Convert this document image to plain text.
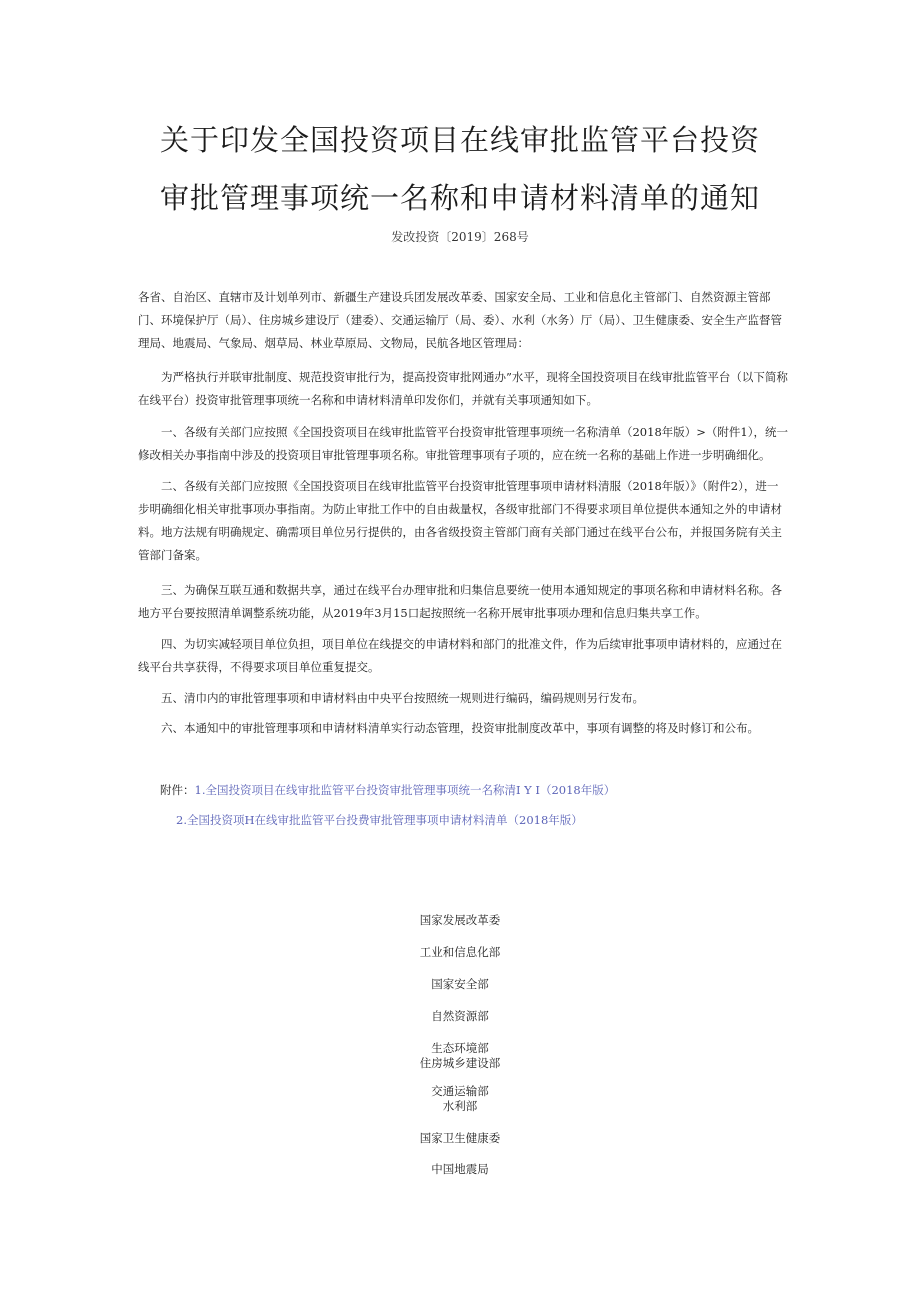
关于印发全国投资项目在线审批监管平台投资
审批管理事项统一名称和申请材料清单的通知
发改投资〔2019〕268号

各省、自治区、直辖市及计划单列市、新疆生产建设兵团发展改革委、国家安全局、工业和信息化主管部门、自然资源主管部门、环境保护厅（局）、住房城乡建设厅（建委）、交通运输厅（局、委）、水利（水务）厅（局）、卫生健康委、安全生产监督管理局、地震局、气象局、烟草局、林业草原局、文物局，民航各地区管理局：

为严格执行并联审批制度、规范投资审批行为，提高投资审批网通办”水平，现将全国投资项目在线审批监管平台（以下简称在线平台）投资审批管理事项统一名称和申请材料清单印发你们，并就有关事项通知如下。

一、各级有关部门应按照《全国投资项目在线审批监管平台投资审批管理事项统一名称清单（2018年版）>（附件1），统一修改相关办事指南中涉及的投资项目审批管理事项名称。审批管理事项有子项的，应在统一名称的基础上作进一步明确细化。

二、各级有关部门应按照《全国投资项目在线审批监管平台投资审批管理事项申请材料清服（2018年版）》（附件2），进一步明确细化相关审批事项办事指南。为防止审批工作中的自由裁量权，各级审批部门不得要求项目单位提供本通知之外的申请材料。地方法规有明确规定、确需项目单位另行提供的，由各省级投资主管部门商有关部门通过在线平台公布，并报国务院有关主管部门备案。

三、为确保互联互通和数据共享，通过在线平台办理审批和归集信息要统一使用本通知规定的事项名称和申请材料名称。各地方平台要按照清单调整系统功能，从2019年3月15口起按照统一名称开展审批事项办理和信息归集共享工作。

四、为切实减轻项目单位负担，项目单位在线提交的申请材料和部门的批准文件，作为后续审批事项申请材料的，应通过在线平台共享获得，不得要求项目单位重复提交。

五、清巾内的审批管理事项和申请材料由中央平台按照统一规则进行编码，编码规则另行发布。

六、本通知中的审批管理事项和申请材料清单实行动态管理，投资审批制度改革中，事项有调整的将及时修订和公布。

附件：1.全国投资项目在线审批监管平台投资审批管理事项统一名称清I Y I（2018年版）
2.全国投资项H在线审批监管平台投费审批管理事项申请材料清单（2018年版）
国家发展改革委
工业和信息化部
国家安全部
自然资源部
生态环境部
住房城乡建设部
交通运输部
水利部
国家卫生健康委
中国地震局
